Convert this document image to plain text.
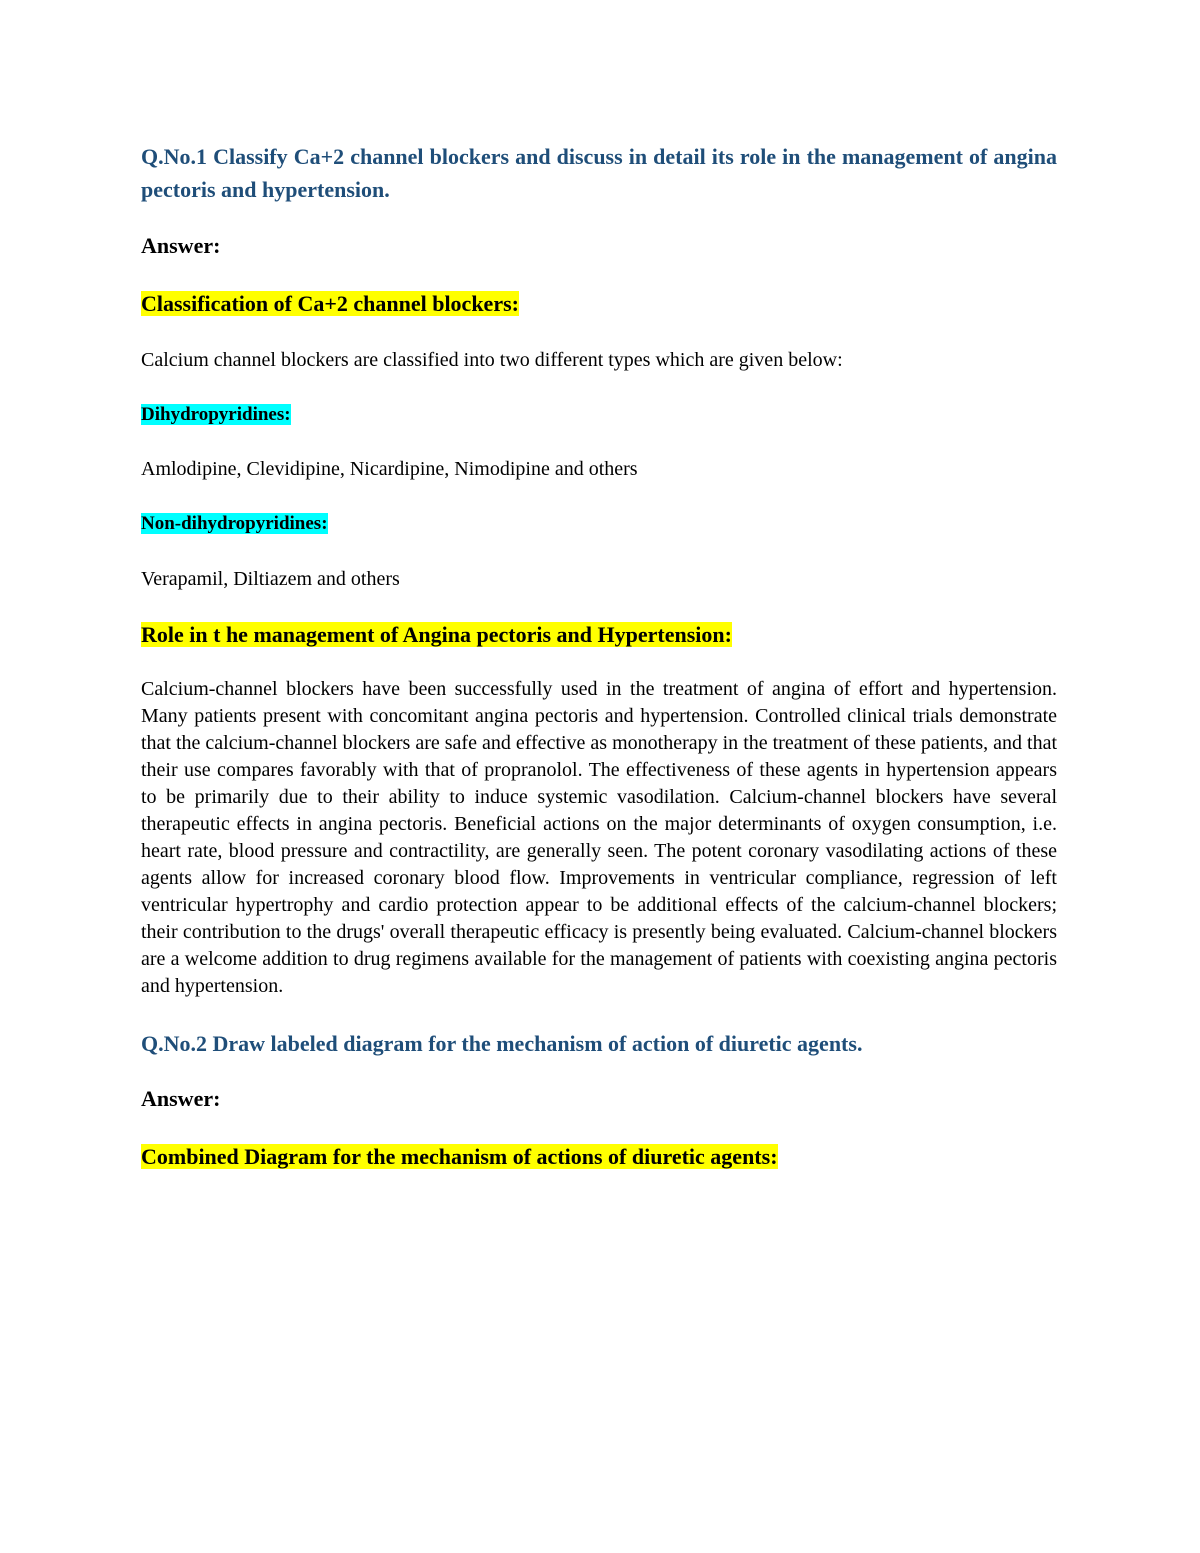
Q.No.1 Classify Ca+2 channel blockers and discuss in detail its role in the management of angina pectoris and hypertension.

Answer:

Classification of Ca+2 channel blockers:

Calcium channel blockers are classified into two different types which are given below:

Dihydropyridines:

Amlodipine, Clevidipine, Nicardipine, Nimodipine and others

Non-dihydropyridines:

Verapamil, Diltiazem and others

Role in t he management of Angina pectoris and Hypertension:

Calcium-channel blockers have been successfully used in the treatment of angina of effort and hypertension. Many patients present with concomitant angina pectoris and hypertension. Controlled clinical trials demonstrate that the calcium-channel blockers are safe and effective as monotherapy in the treatment of these patients, and that their use compares favorably with that of propranolol. The effectiveness of these agents in hypertension appears to be primarily due to their ability to induce systemic vasodilation. Calcium-channel blockers have several therapeutic effects in angina pectoris. Beneficial actions on the major determinants of oxygen consumption, i.e. heart rate, blood pressure and contractility, are generally seen. The potent coronary vasodilating actions of these agents allow for increased coronary blood flow. Improvements in ventricular compliance, regression of left ventricular hypertrophy and cardio protection appear to be additional effects of the calcium-channel blockers; their contribution to the drugs' overall therapeutic efficacy is presently being evaluated. Calcium-channel blockers are a welcome addition to drug regimens available for the management of patients with coexisting angina pectoris and hypertension.

Q.No.2 Draw labeled diagram for the mechanism of action of diuretic agents.

Answer:

Combined Diagram for the mechanism of actions of diuretic agents:
